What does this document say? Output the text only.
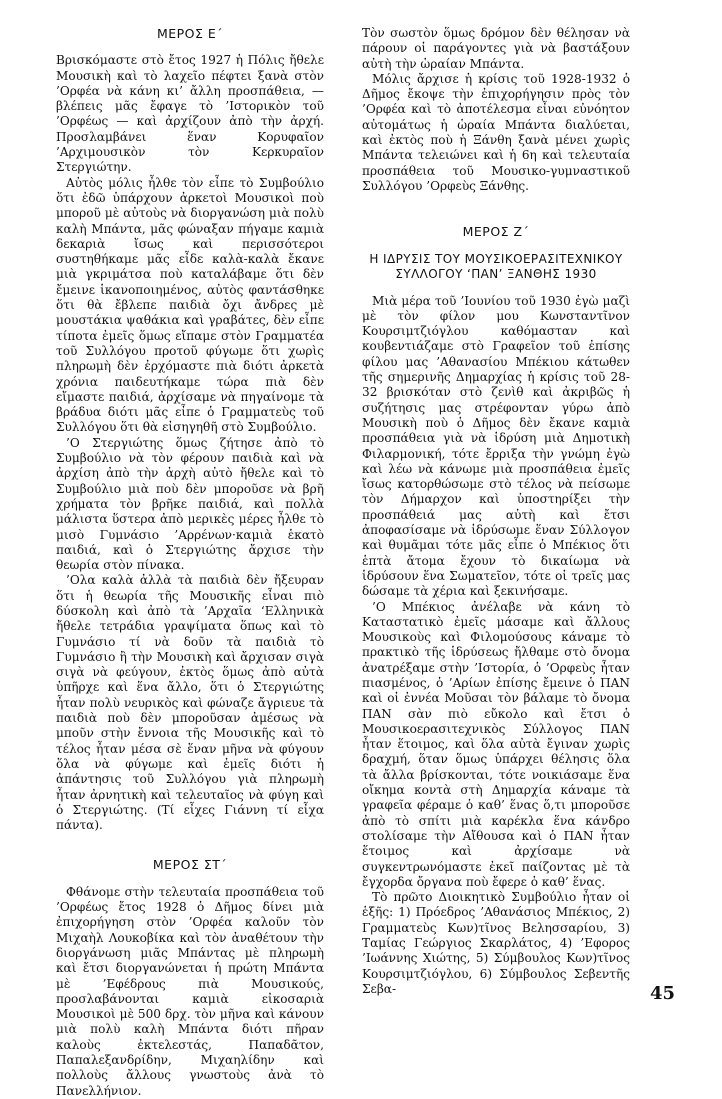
ΜΕΡΟΣ Ε΄

Βρισκόμαστε στὸ ἔτος 1927 ἡ Πόλις ἤθελε Μουσικὴ καὶ τὸ λαχεῖο πέφτει ξανὰ στὸν ’Ορφέα νὰ κάνη κι’ ἄλλη προσπάθεια, — βλέπεις μᾶς ἔφαγε τὸ ’Ιστορικὸν τοῦ ’Ορφέως — καὶ ἀρχίζουν ἀπὸ τὴν ἀρχή. Προσλαμβάνει ἕναν Κορυφαῖον ’Αρχιμουσικὸν τὸν Κερκυραῖον Στεργιώτην.

Αὐτὸς μόλις ἦλθε τὸν εἶπε τὸ Συμβούλιο ὅτι ἐδῶ ὑπάρχουν ἀρκετοὶ Μουσικοὶ ποὺ μποροῦ μὲ αὐτοὺς νὰ διοργανώση μιὰ πολὺ καλὴ Μπάντα, μᾶς φώναξαν πήγαμε καμιὰ δεκαριὰ ἴσως καὶ περισσότεροι συστηθήκαμε μᾶς εἶδε καλὰ-καλὰ ἔκανε μιὰ γκριμάτσα ποὺ καταλάβαμε ὅτι δὲν ἔμεινε ἱκανοποιημένος, αὐτὸς φαντάσθηκε ὅτι θὰ ἔβλεπε παιδιὰ ὄχι ἄνδρες μὲ μουστάκια ψαθάκια καὶ γραβάτες, δὲν εἶπε τίποτα ἐμεῖς ὅμως εἴπαμε στὸν Γραμματέα τοῦ Συλλόγου προτοῦ φύγωμε ὅτι χωρὶς πληρωμὴ δὲν ἐρχόμαστε πιὰ διότι ἀρκετὰ χρόνια παιδευτήκαμε τώρα πιὰ δὲν εἴμαστε παιδιά, ἀρχίσαμε νὰ πηγαίνομε τὰ βράδυα διότι μᾶς εἶπε ὁ Γραμματεὺς τοῦ Συλλόγου ὅτι θὰ εἰσηγηθῆ στὸ Συμβούλιο.

’Ο Στεργιώτης ὅμως ζήτησε ἀπὸ τὸ Συμβούλιο νὰ τὸν φέρουν παιδιὰ καὶ νὰ ἀρχίση ἀπὸ τὴν ἀρχὴ αὐτὸ ἤθελε καὶ τὸ Συμβούλιο μιὰ ποὺ δὲν μποροῦσε νὰ βρῆ χρήματα τὸν βρῆκε παιδιά, καὶ πολλὰ μάλιστα ὕστερα ἀπὸ μερικὲς μέρες ἦλθε τὸ μισὸ Γυμνάσιο ’Αρρένων·καμιὰ ἑκατὸ παιδιά, καὶ ὁ Στεργιώτης ἄρχισε τὴν θεωρία στὸν πίνακα.

’Ολα καλὰ ἀλλὰ τὰ παιδιὰ δὲν ἤξευραν ὅτι ἡ θεωρία τῆς Μουσικῆς εἶναι πιὸ δύσκολη καὶ ἀπὸ τὰ ’Αρχαῖα ‘Ελληνικὰ ἤθελε τετράδια γραψίματα ὅπως καὶ τὸ Γυμνάσιο τί νὰ δοῦν τὰ παιδιὰ τὸ Γυμνάσιο ἢ τὴν Μουσικὴ καὶ ἄρχισαν σιγὰ σιγὰ νὰ φεύγουν, ἐκτὸς ὅμως ἀπὸ αὐτὰ ὑπῆρχε καὶ ἕνα ἄλλο, ὅτι ὁ Στεργιώτης ἦταν πολὺ νευρικὸς καὶ φώναζε ἄγριευε τὰ παιδιὰ ποὺ δὲν μποροῦσαν ἀμέσως νὰ μποῦν στὴν ἔννοια τῆς Μουσικῆς καὶ τὸ τέλος ἦταν μέσα σὲ ἕναν μῆνα νὰ φύγουν ὅλα νὰ φύγωμε καὶ ἐμεῖς διότι ἡ ἀπάντησις τοῦ Συλλόγου γιὰ πληρωμὴ ἦταν ἀρνητικὴ καὶ τελευταῖος νὰ φύγη καὶ ὁ Στεργιώτης. (Τί εἶχες Γιάννη τί εἶχα πάντα).

ΜΕΡΟΣ ΣΤ΄

Φθάνομε στὴν τελευταία προσπάθεια τοῦ ’Ορφέως ἔτος 1928 ὁ Δῆμος δίνει μιὰ ἐπιχορήγηση στὸν ’Ορφέα καλοῦν τὸν Μιχαὴλ Λουκοβίκα καὶ τὸν ἀναθέτουν τὴν διοργάνωση μιᾶς Μπάντας μὲ πληρωμὴ καὶ ἔτσι διοργανώνεται ἡ πρώτη Μπάντα μὲ ’Εφέδρους πιὰ Μουσικούς, προσλαβάνονται καμιὰ εἰκοσαριὰ Μουσικοὶ μὲ 500 δρχ. τὸν μῆνα καὶ κάνουν μιὰ πολὺ καλὴ Μπάντα διότι πῆραν καλοὺς ἐκτελεστάς, Παπαδᾶτον, Παπαλεξανδρίδην, Μιχαηλίδην καὶ πολλοὺς ἄλλους γνωστοὺς ἀνὰ τὸ Πανελλήνιον.

Τὸν σωστὸν ὅμως δρόμον δὲν θέλησαν νὰ πάρουν οἱ παράγοντες γιὰ νὰ βαστάξουν αὐτὴ τὴν ὡραίαν Μπάντα.

Μόλις ἄρχισε ἡ κρίσις τοῦ 1928-1932 ὁ Δῆμος ἔκοψε τὴν ἐπιχορήγησιν πρὸς τὸν ’Ορφέα καὶ τὸ ἀποτέλεσμα εἶναι εὐνόητον αὐτομάτως ἡ ὡραία Μπάντα διαλύεται, καὶ ἐκτὸς ποὺ ἡ Ξάνθη ξανὰ μένει χωρὶς Μπάντα τελειώνει καὶ ἡ 6η καὶ τελευταία προσπάθεια τοῦ Μουσικο-γυμναστικοῦ Συλλόγου ’Ορφεὺς Ξάνθης.

ΜΕΡΟΣ Ζ΄
Η ΙΔΡΥΣΙΣ ΤΟΥ ΜΟΥΣΙΚΟΕΡΑΣΙΤΕΧΝΙΚΟΥ
ΣΥΛΛΟΓΟΥ ‘ΠΑΝ’ ΞΑΝΘΗΣ 1930

Μιὰ μέρα τοῦ ’Ιουνίου τοῦ 1930 ἐγὼ μαζὶ μὲ τὸν φίλον μου Κωνσταντῖνον Κουρσιμτζιόγλου καθόμασταν καὶ κουβεντιάζαμε στὸ Γραφεῖον τοῦ ἐπίσης φίλου μας ’Αθανασίου Μπέκιου κάτωθεν τῆς σημερινῆς Δημαρχίας ἡ κρίσις τοῦ 28-32 βρισκόταν στὸ ζενὶθ καὶ ἀκριβῶς ἡ συζήτησις μας στρέφονταν γύρω ἀπὸ Μουσικὴ ποὺ ὁ Δῆμος δὲν ἔκανε καμιὰ προσπάθεια γιὰ νὰ ἱδρύση μιὰ Δημοτικὴ Φιλαρμονική, τότε ἔρριξα τὴν γνώμη ἐγὼ καὶ λέω νὰ κάνωμε μιὰ προσπάθεια ἐμεῖς ἴσως κατορθώσωμε στὸ τέλος νὰ πείσωμε τὸν Δήμαρχον καὶ ὑποστηρίξει τὴν προσπάθειά μας αὐτὴ καὶ ἔτσι ἀποφασίσαμε νὰ ἱδρύσωμε ἕναν Σύλλογον καὶ θυμᾶμαι τότε μᾶς εἶπε ὁ Μπέκιος ὅτι ἑπτὰ ἄτομα ἔχουν τὸ δικαίωμα νὰ ἱδρύσουν ἕνα Σωματεῖον, τότε οἱ τρεῖς μας δώσαμε τὰ χέρια καὶ ξεκινήσαμε.

’Ο Μπέκιος ἀνέλαβε νὰ κάνη τὸ Καταστατικὸ ἐμεῖς μάσαμε καὶ ἄλλους Μουσικοὺς καὶ Φιλομούσους κάναμε τὸ πρακτικὸ τῆς ἱδρύσεως ἤλθαμε στὸ ὄνομα ἀνατρέξαμε στὴν ’Ιστορία, ὁ ’Ορφεὺς ἦταν πιασμένος, ὁ ’Αρίων ἐπίσης ἔμεινε ὁ ΠΑΝ καὶ οἱ ἐννέα Μοῦσαι τὸν βάλαμε τὸ ὄνομα ΠΑΝ σὰν πιὸ εὔκολο καὶ ἔτσι ὁ Μουσικοερασιτεχνικὸς Σύλλογος ΠΑΝ ἦταν ἕτοιμος, καὶ ὅλα αὐτὰ ἔγιναν χωρὶς δραχμή, ὅταν ὅμως ὑπάρχει θέλησις ὅλα τὰ ἄλλα βρίσκονται, τότε νοικιάσαμε ἕνα οἴκημα κοντὰ στὴ Δημαρχία κάναμε τὰ γραφεῖα φέραμε ὁ καθ’ ἕνας ὅ,τι μποροῦσε ἀπὸ τὸ σπίτι μιὰ καρέκλα ἕνα κάνδρο στολίσαμε τὴν Αἴθουσα καὶ ὁ ΠΑΝ ἦταν ἕτοιμος καὶ ἀρχίσαμε νὰ συγκεντρωνόμαστε ἐκεῖ παίζοντας μὲ τὰ ἔγχορδα ὄργανα ποὺ ἔφερε ὁ καθ’ ἕνας.

Τὸ πρῶτο Διοικητικὸ Συμβούλιο ἦταν οἱ ἑξῆς: 1) Πρόεδρος ’Αθανάσιος Μπέκιος, 2) Γραμματεὺς Κων)τῖνος Βελησσαρίου, 3) Ταμίας Γεώργιος Σκαρλάτος, 4) ’Εφορος ’Ιωάννης Χιώτης, 5) Σύμβουλος Κων)τῖνος Κουρσιμτζιόγλου, 6) Σύμβουλος Σεβεντῆς Σεβα-	45
